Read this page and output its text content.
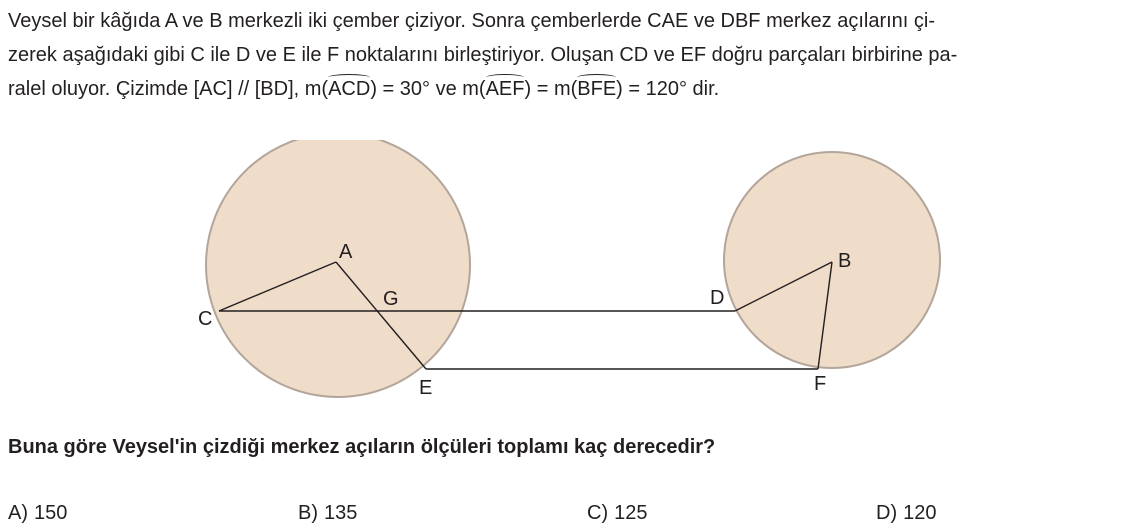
Veysel bir kâğıda A ve B merkezli iki çember çiziyor. Sonra çemberlerde CAE ve DBF merkez açılarını çi-
zerek aşağıdaki gibi C ile D ve E ile F noktalarını birleştiriyor. Oluşan CD ve EF doğru parçaları birbirine pa-
ralel oluyor. Çizimde [AC] // [BD], m(ACD) = 30° ve m(AEF) = m(BFE) = 120° dir.
A	B
C
D
E	F
G

Buna göre Veysel'in çizdiği merkez açıların ölçüleri toplamı kaç derecedir?

A) 150	B) 135	C) 125	D) 120
